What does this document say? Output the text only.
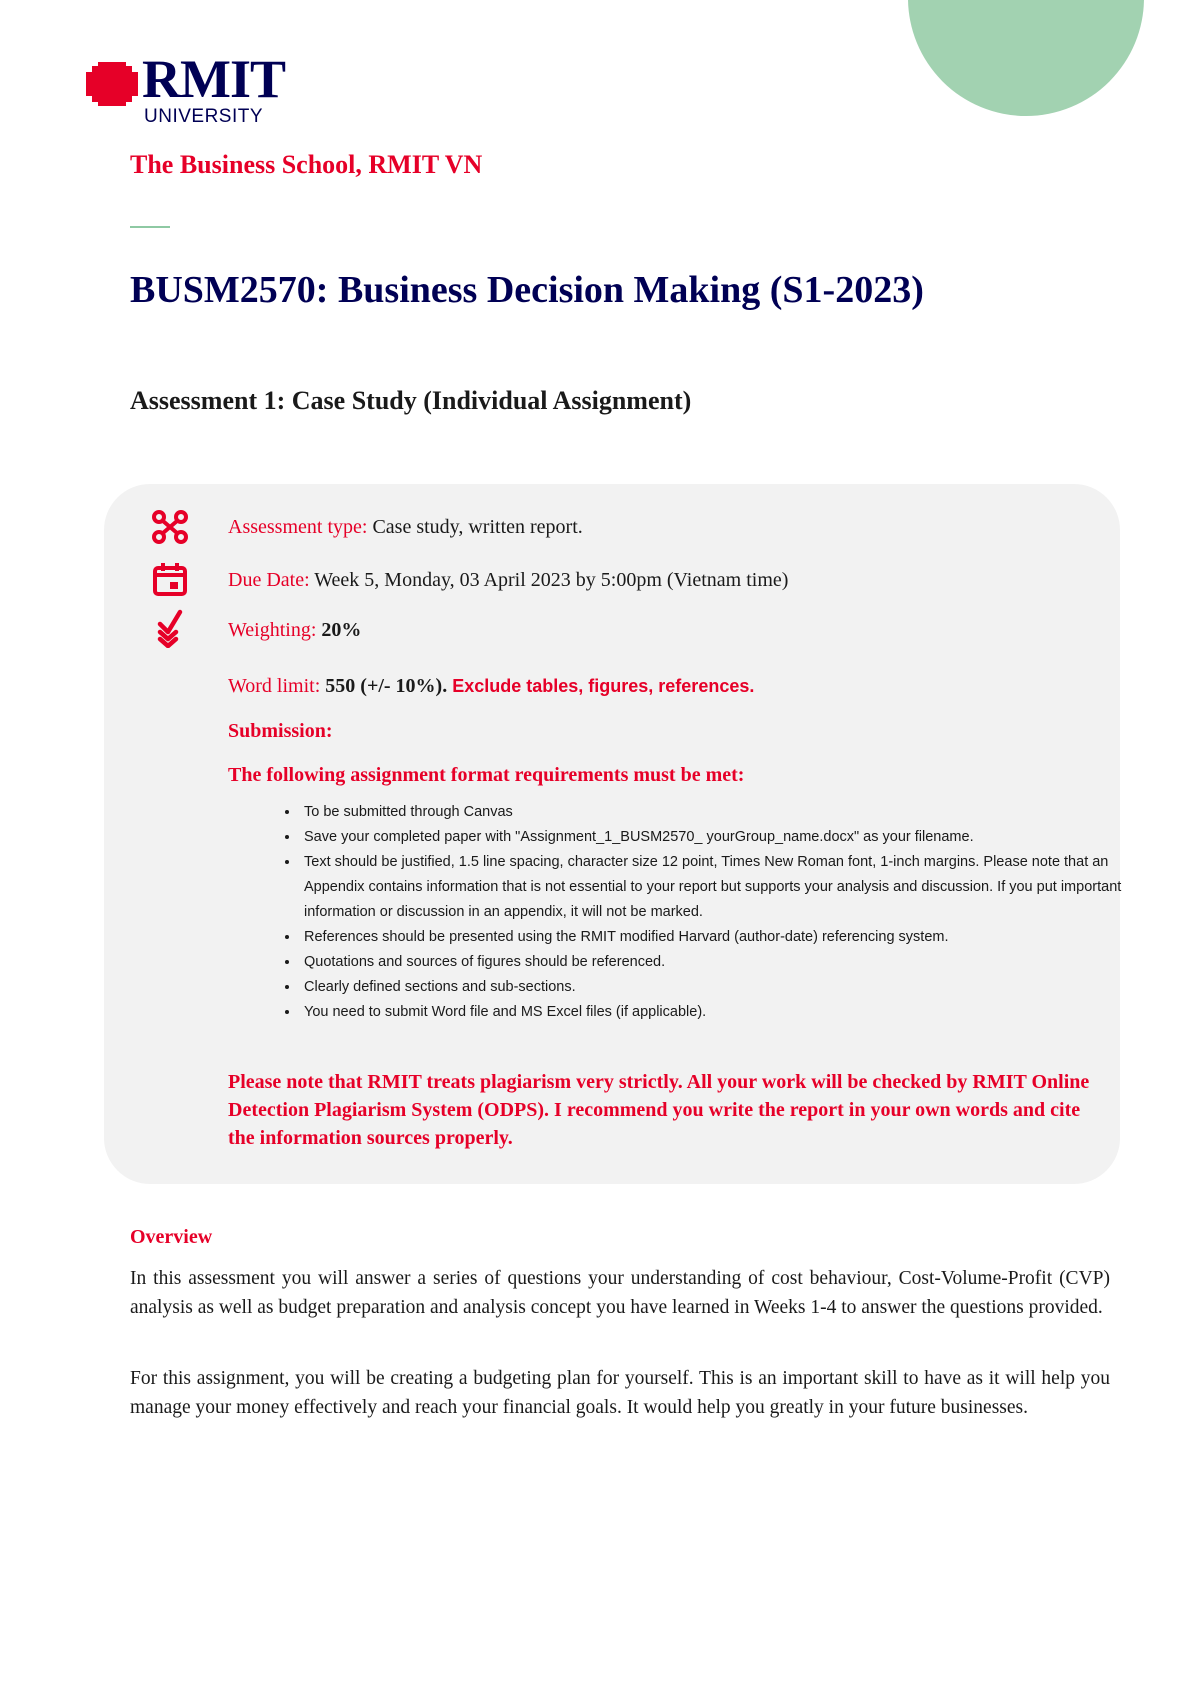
RMIT
UNIVERSITY
The Business School, RMIT VN
BUSM2570: Business Decision Making (S1-2023)
Assessment 1: Case Study (Individual Assignment)
Assessment type: Case study, written report.
Due Date: Week 5, Monday, 03 April 2023 by 5:00pm (Vietnam time)
Weighting: 20%
Word limit: 550 (+/- 10%). Exclude tables, figures, references.
Submission:
The following assignment format requirements must be met:
• To be submitted through Canvas
• Save your completed paper with "Assignment_1_BUSM2570_ yourGroup_name.docx" as your filename.
• Text should be justified, 1.5 line spacing, character size 12 point, Times New Roman font, 1-inch margins. Please note that an Appendix contains information that is not essential to your report but supports your analysis and discussion. If you put important information or discussion in an appendix, it will not be marked.
• References should be presented using the RMIT modified Harvard (author-date) referencing system.
• Quotations and sources of figures should be referenced.
• Clearly defined sections and sub-sections.
• You need to submit Word file and MS Excel files (if applicable).
Please note that RMIT treats plagiarism very strictly. All your work will be checked by RMIT Online Detection Plagiarism System (ODPS). I recommend you write the report in your own words and cite the information sources properly.
Overview
In this assessment you will answer a series of questions your understanding of cost behaviour, Cost-Volume-Profit (CVP) analysis as well as budget preparation and analysis concept you have learned in Weeks 1-4 to answer the questions provided.
For this assignment, you will be creating a budgeting plan for yourself. This is an important skill to have as it will help you manage your money effectively and reach your financial goals. It would help you greatly in your future businesses.
